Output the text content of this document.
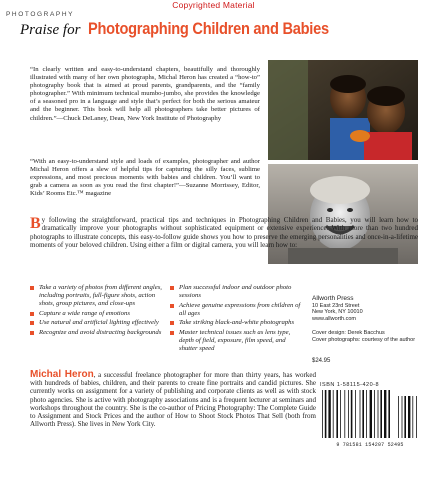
Copyrighted Material
PHOTOGRAPHY
Praise for Photographing Children and Babies
“In clearly written and easy-to-understand chapters, beautifully and thoroughly illustrated with many of her own photographs, Michal Heron has created a “how-to” photography book that is aimed at proud parents, grandparents, and the “family photographer.” With minimum technical mumbo-jumbo, she provides the knowledge of a seasoned pro in a language and style that’s perfect for both the serious amateur and the beginner. This book will help all photographers take better pictures of children.”—Chuck DeLaney, Dean, New York Institute of Photography
“With an easy-to-understand style and loads of examples, photographer and author Michal Heron offers a slew of helpful tips for capturing the silly faces, sublime expressions, and most precious moments with babies and children. You’ll want to grab a camera as soon as you read the first chapter!”—Suzanne Morrissey, Editor, Kids’ Rooms Etc.™ magazine
By following the straightforward, practical tips and techniques in Photographing Children and Babies, you will learn how to dramatically improve your photographs without sophisticated equipment or extensive experience. With more than two hundred photographs to illustrate concepts, this easy-to-follow guide shows you how to preserve the emerging personalities and once-in-a-lifetime moments of your beloved children. Using either a film or digital camera, you will learn how to:
Take a variety of photos from different angles, including portraits, full-figure shots, action shots, group pictures, and close-ups
Capture a wide range of emotions
Use natural and artificial lighting effectively
Recognize and avoid distracting backgrounds
Plan successful indoor and outdoor photo sessions
Achieve genuine expressions from children of all ages
Take striking black-and-white photographs
Master technical issues such as lens type, depth of field, exposure, film speed, and shutter speed
Allworth Press
10 East 23rd Street
New York, NY 10010
www.allworth.com
Cover design: Derek Bacchus
Cover photographs: courtesy of the author
$24.95
Michal Heron, a successful freelance photographer for more than thirty years, has worked with hundreds of babies, children, and their parents to create fine portraits and candid pictures. She currently works on assignment for a variety of publishing and corporate clients as well as with stock photo agencies. She is active with photography associations and is a frequent lecturer at seminars and workshops throughout the country. She is the co-author of Pricing Photography: The Complete Guide to Assignment and Stock Prices and the author of How to Shoot Stock Photos That Sell (both from Allworth Press). She lives in New York City.
ISBN 1-58115-420-8
9 781581 154207 52495
